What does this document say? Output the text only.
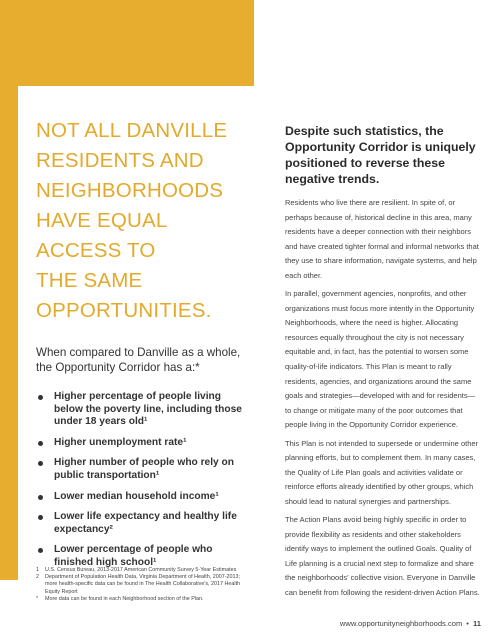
NOT ALL DANVILLE
RESIDENTS AND
NEIGHBORHOODS
HAVE EQUAL
ACCESS TO
THE SAME
OPPORTUNITIES.

When compared to Danville as a whole, the Opportunity Corridor has a:*

Higher percentage of people living below the poverty line, including those under 18 years old¹
Higher unemployment rate¹
Higher number of people who rely on public transportation¹
Lower median household income¹
Lower life expectancy and healthy life expectancy²
Lower percentage of people who finished high school¹
1	U.S. Census Bureau, 2013-2017 American Community Survey 5-Year Estimates
2	Department of Population Health Data, Virginia Department of Health, 2007-2013; more health-specific data can be found in The Health Collaborative's, 2017 Health Equity Report
*	More data can be found in each Neighborhood section of the Plan.
Despite such statistics, the Opportunity Corridor is uniquely positioned to reverse these negative trends.

Residents who live there are resilient. In spite of, or perhaps because of, historical decline in this area, many residents have a deeper connection with their neighbors and have created tighter formal and informal networks that they use to share information, navigate systems, and help each other.

In parallel, government agencies, nonprofits, and other organizations must focus more intently in the Opportunity Neighborhoods, where the need is higher. Allocating resources equally throughout the city is not necessary equitable and, in fact, has the potential to worsen some quality-of-life indicators. This Plan is meant to rally residents, agencies, and organizations around the same goals and strategies—developed with and for residents—to change or mitigate many of the poor outcomes that people living in the Opportunity Corridor experience.

This Plan is not intended to supersede or undermine other planning efforts, but to complement them. In many cases, the Quality of Life Plan goals and activities validate or reinforce efforts already identified by other groups, which should lead to natural synergies and partnerships.

The Action Plans avoid being highly specific in order to provide flexibility as residents and other stakeholders identify ways to implement the outlined Goals. Quality of Life planning is a crucial next step to formalize and share the neighborhoods' collective vision. Everyone in Danville can benefit from following the resident-driven Action Plans.

www.opportunityneighborhoods.com • 11
